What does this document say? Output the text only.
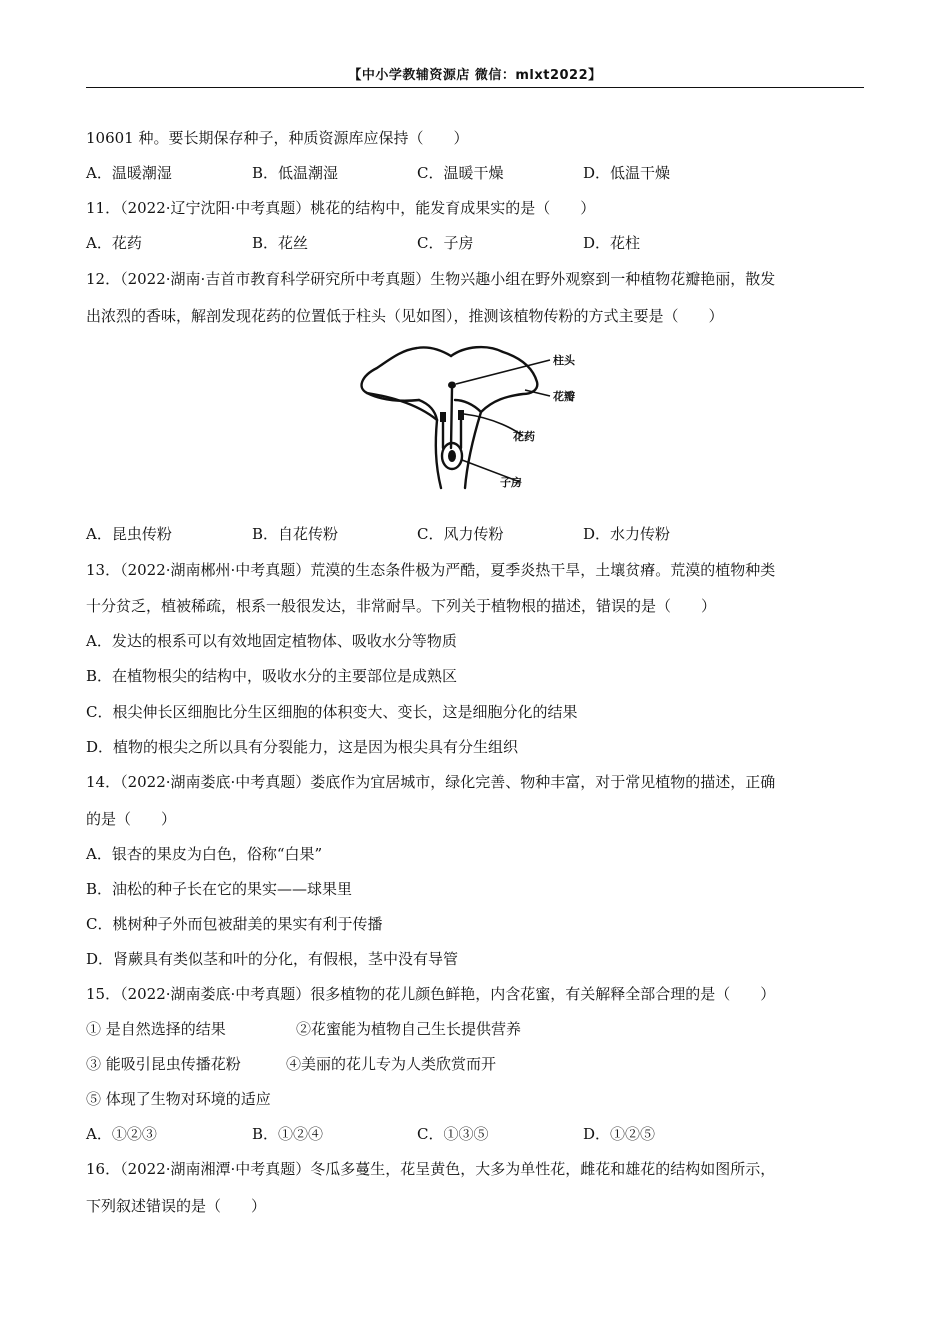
【中小学教辅资源店 微信：mlxt2022】
10601 种。要长期保存种子，种质资源库应保持（　　）
A．温暖潮湿	B．低温潮湿	C．温暖干燥	D．低温干燥
11．（2022·辽宁沈阳·中考真题）桃花的结构中，能发育成果实的是（　　）
A．花药	B．花丝	C．子房	D．花柱
12．（2022·湖南·吉首市教育科学研究所中考真题）生物兴趣小组在野外观察到一种植物花瓣艳丽，散发
出浓烈的香味，解剖发现花药的位置低于柱头（见如图），推测该植物传粉的方式主要是（　　）
柱头
花瓣
花药
子房
A．昆虫传粉	B．自花传粉	C．风力传粉	D．水力传粉
13．（2022·湖南郴州·中考真题）荒漠的生态条件极为严酷，夏季炎热干旱，土壤贫瘠。荒漠的植物种类
十分贫乏，植被稀疏，根系一般很发达，非常耐旱。下列关于植物根的描述，错误的是（　　）
A．发达的根系可以有效地固定植物体、吸收水分等物质
B．在植物根尖的结构中，吸收水分的主要部位是成熟区
C．根尖伸长区细胞比分生区细胞的体积变大、变长，这是细胞分化的结果
D．植物的根尖之所以具有分裂能力，这是因为根尖具有分生组织
14．（2022·湖南娄底·中考真题）娄底作为宜居城市，绿化完善、物种丰富，对于常见植物的描述，正确
的是（　　）
A．银杏的果皮为白色，俗称“白果”
B．油松的种子长在它的果实——球果里
C．桃树种子外而包被甜美的果实有利于传播
D．肾蕨具有类似茎和叶的分化，有假根，茎中没有导管
15．（2022·湖南娄底·中考真题）很多植物的花儿颜色鲜艳，内含花蜜，有关解释全部合理的是（　　）
① 是自然选择的结果	②花蜜能为植物自己生长提供营养
③ 能吸引昆虫传播花粉	④美丽的花儿专为人类欣赏而开
⑤ 体现了生物对环境的适应
A．①②③	B．①②④	C．①③⑤	D．①②⑤
16．（2022·湖南湘潭·中考真题）冬瓜多蔓生，花呈黄色，大多为单性花，雌花和雄花的结构如图所示，
下列叙述错误的是（　　）
